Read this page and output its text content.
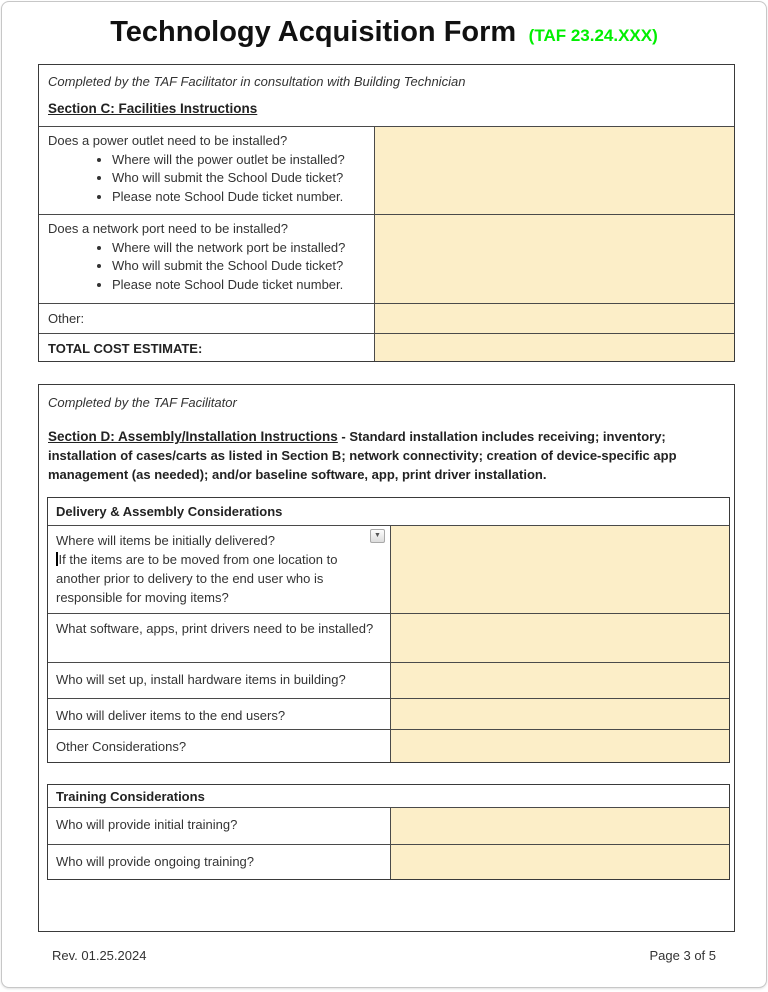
Technology Acquisition Form (TAF 23.24.XXX)
Completed by the TAF Facilitator in consultation with Building Technician
Section C: Facilities Instructions
Does a power outlet need to be installed?
• Where will the power outlet be installed?
• Who will submit the School Dude ticket?
• Please note School Dude ticket number.
Does a network port need to be installed?
• Where will the network port be installed?
• Who will submit the School Dude ticket?
• Please note School Dude ticket number.
Other:
TOTAL COST ESTIMATE:
Completed by the TAF Facilitator
Section D: Assembly/Installation Instructions - Standard installation includes receiving; inventory; installation of cases/carts as listed in Section B; network connectivity; creation of device-specific app management (as needed); and/or baseline software, app, print driver installation.
Delivery & Assembly Considerations
Where will items be initially delivered?
If the items are to be moved from one location to another prior to delivery to the end user who is responsible for moving items?
▼
What software, apps, print drivers need to be installed?
Who will set up, install hardware items in building?
Who will deliver items to the end users?
Other Considerations?
Training Considerations
Who will provide initial training?
Who will provide ongoing training?
Rev. 01.25.2024	Page 3 of 5
